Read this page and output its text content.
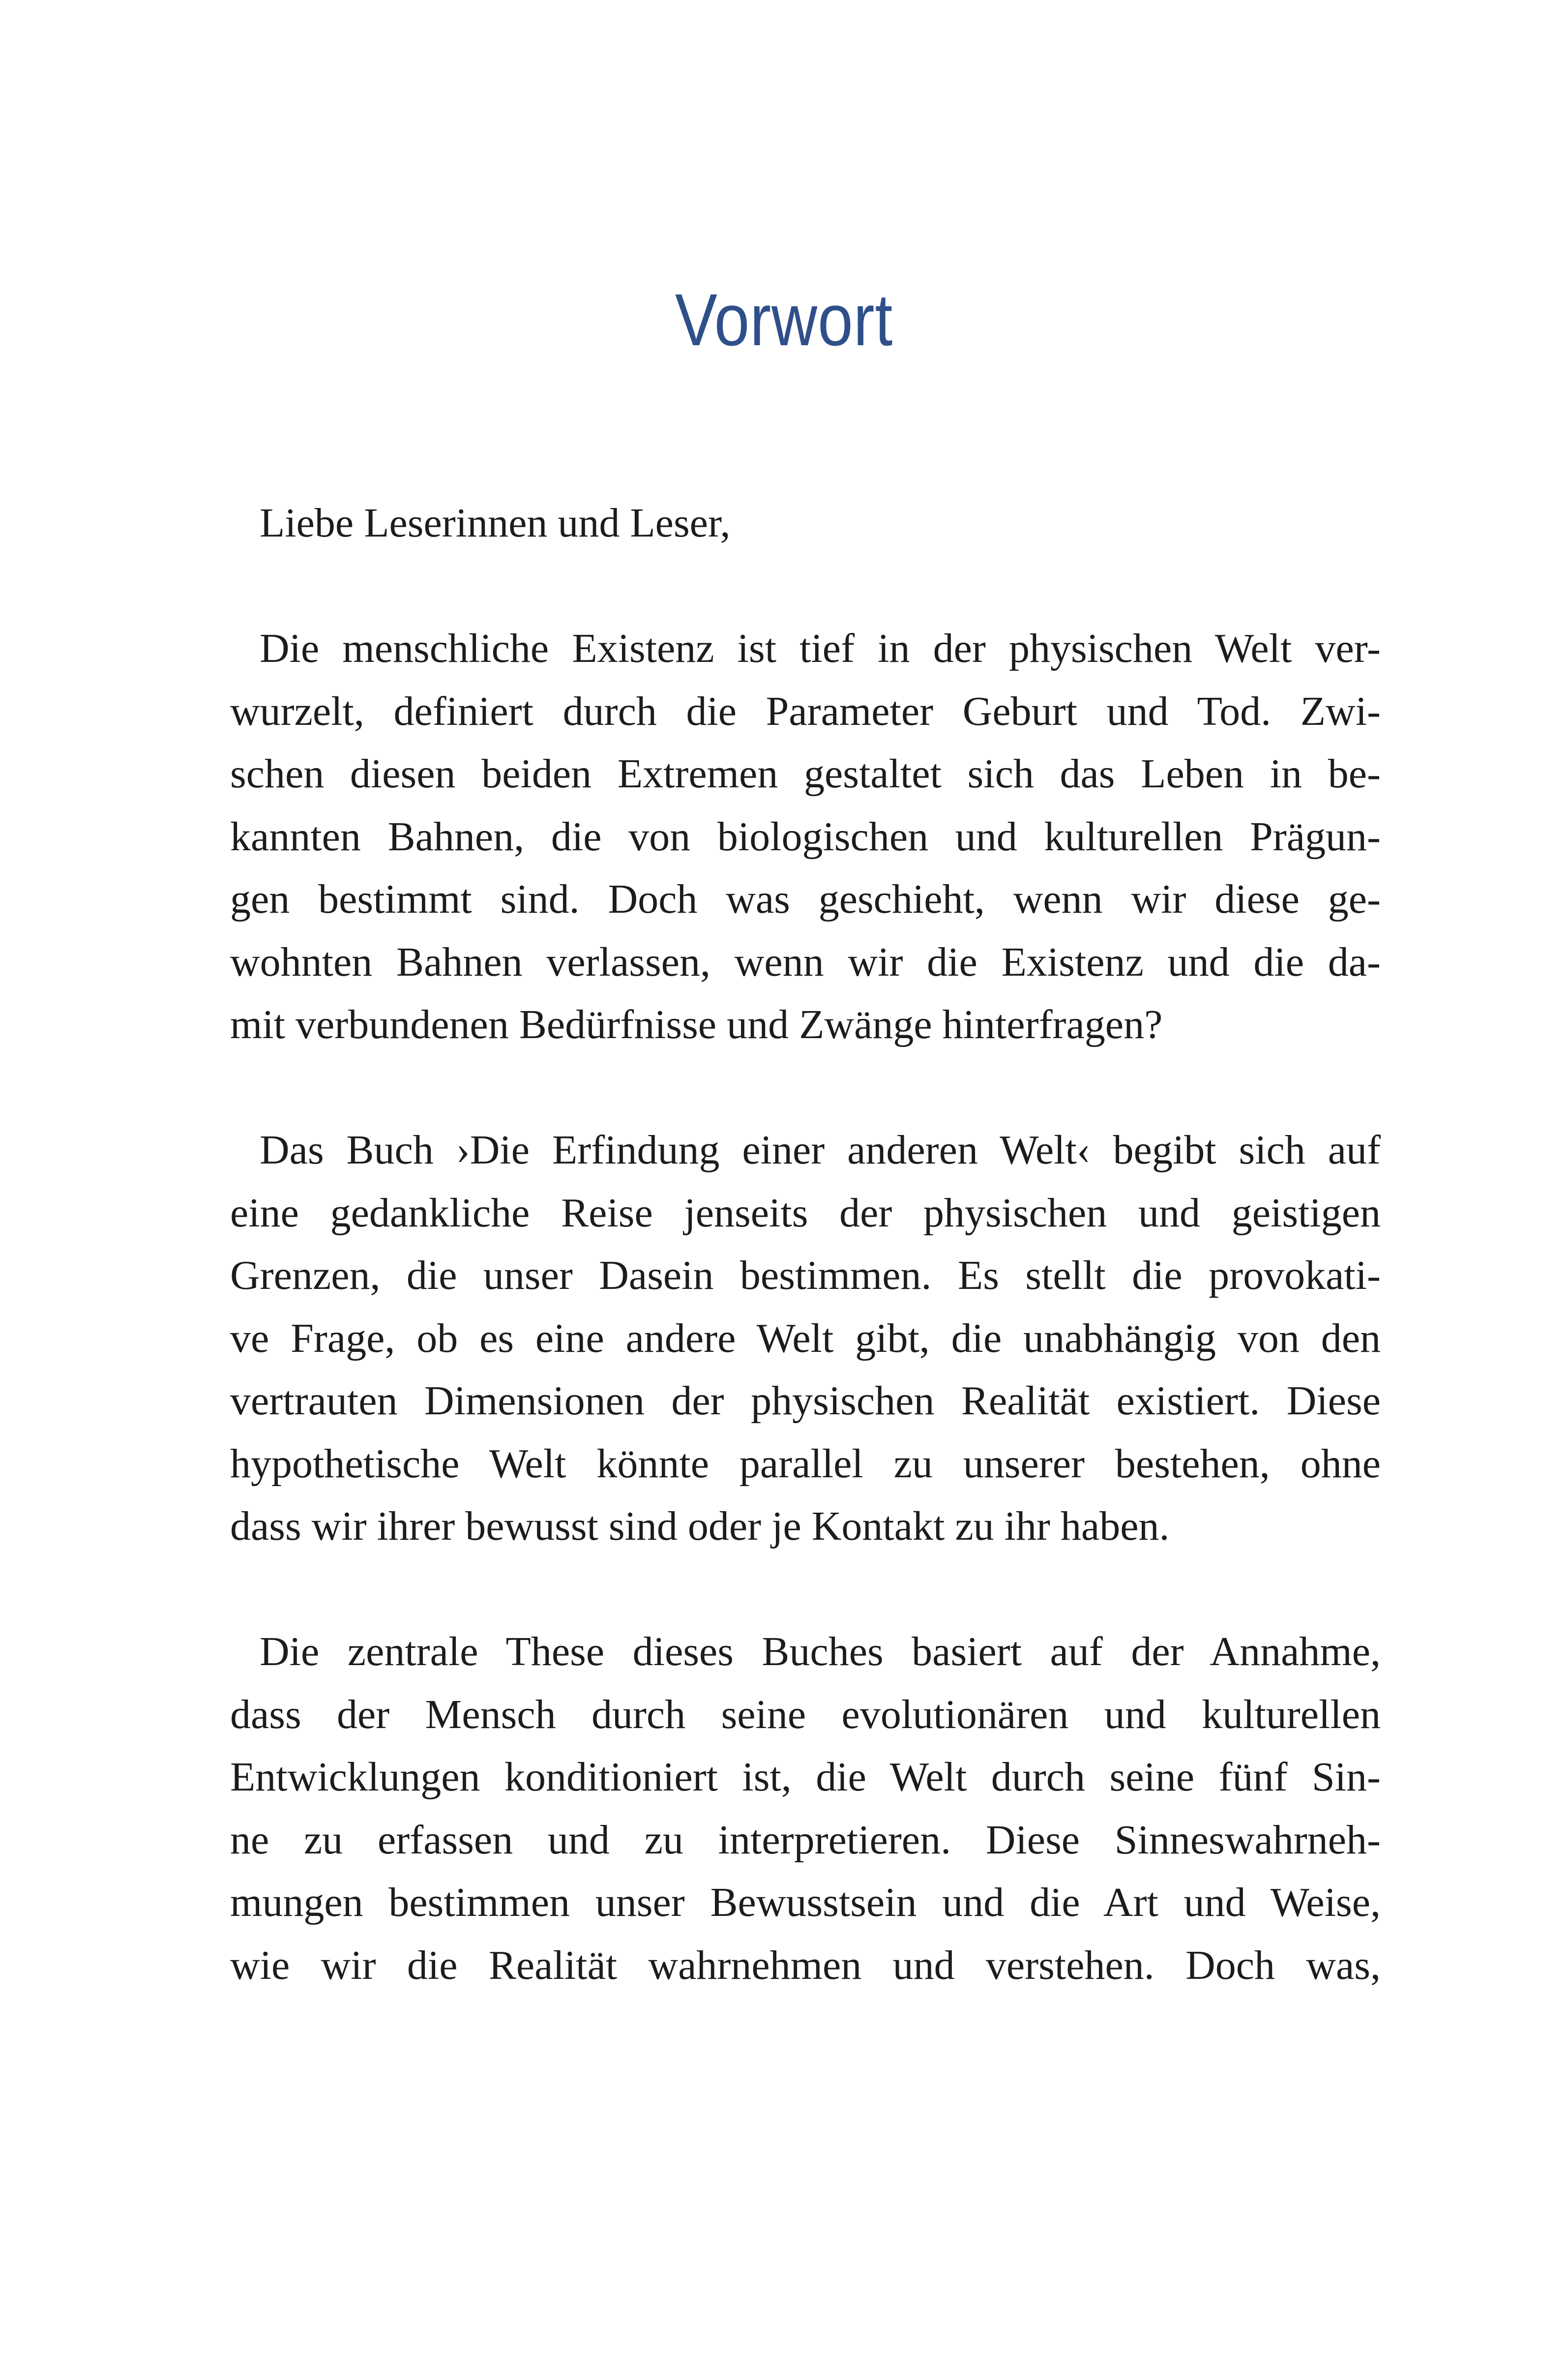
Vorwort

Liebe Leserinnen und Leser,

Die menschliche Existenz ist tief in der physischen Welt ver-
wurzelt, definiert durch die Parameter Geburt und Tod. Zwi-
schen diesen beiden Extremen gestaltet sich das Leben in be-
kannten Bahnen, die von biologischen und kulturellen Prägun-
gen bestimmt sind. Doch was geschieht, wenn wir diese ge-
wohnten Bahnen verlassen, wenn wir die Existenz und die da-
mit verbundenen Bedürfnisse und Zwänge hinterfragen?

Das Buch ›Die Erfindung einer anderen Welt‹ begibt sich auf
eine gedankliche Reise jenseits der physischen und geistigen
Grenzen, die unser Dasein bestimmen. Es stellt die provokati-
ve Frage, ob es eine andere Welt gibt, die unabhängig von den
vertrauten Dimensionen der physischen Realität existiert. Diese
hypothetische Welt könnte parallel zu unserer bestehen, ohne
dass wir ihrer bewusst sind oder je Kontakt zu ihr haben.

Die zentrale These dieses Buches basiert auf der Annahme,
dass der Mensch durch seine evolutionären und kulturellen
Entwicklungen konditioniert ist, die Welt durch seine fünf Sin-
ne zu erfassen und zu interpretieren. Diese Sinneswahrneh-
mungen bestimmen unser Bewusstsein und die Art und Weise,
wie wir die Realität wahrnehmen und verstehen. Doch was,
